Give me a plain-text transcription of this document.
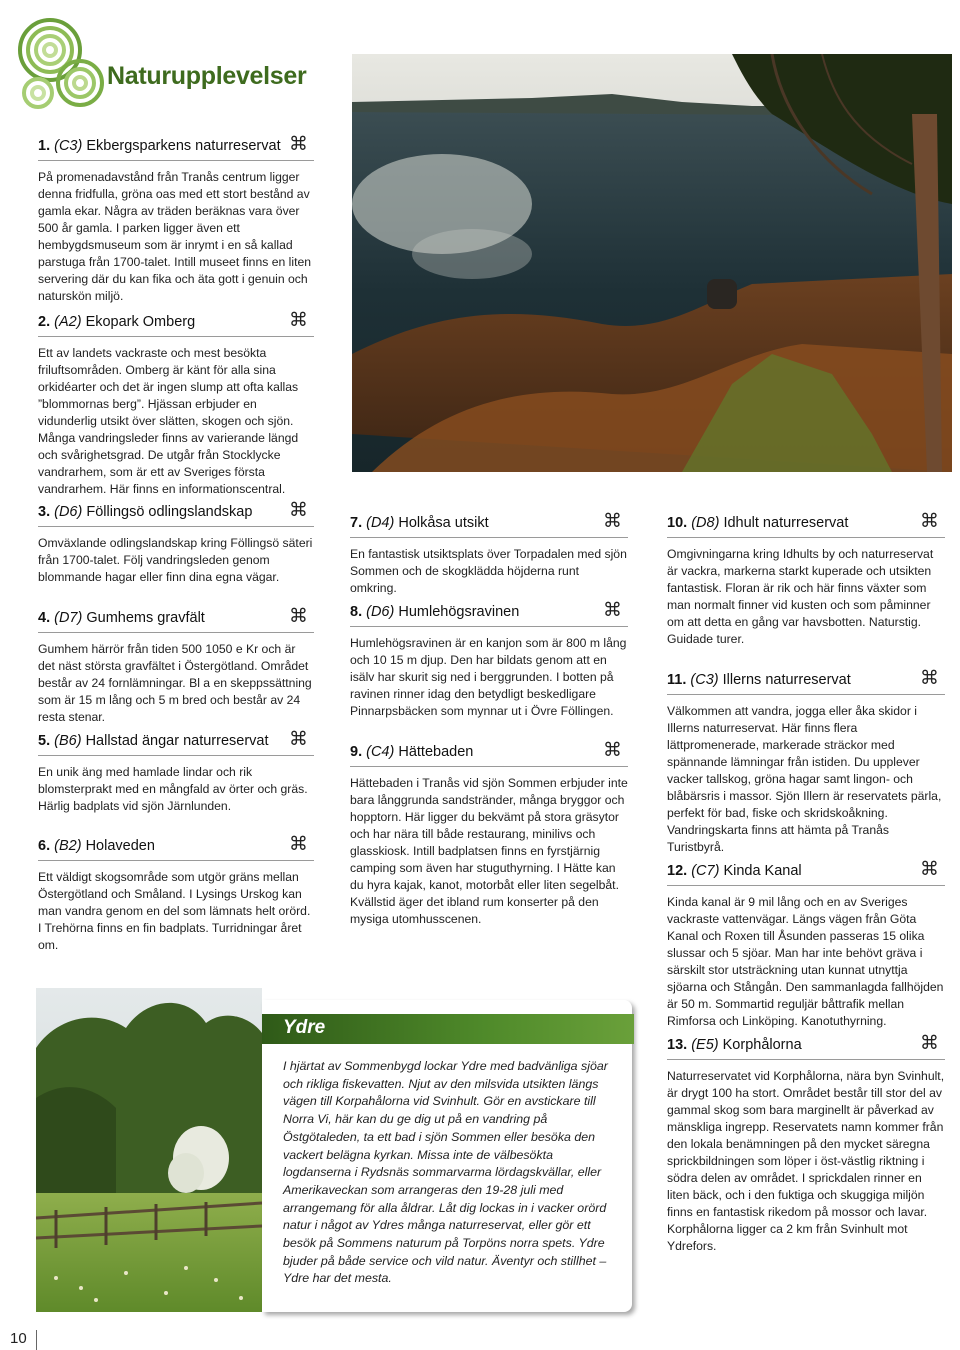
Naturupplevelser
1. (C3) Ekbergsparkens naturreservat ⌘
På promenadavstånd från Tranås centrum ligger denna fridfulla, gröna oas med ett stort bestånd av gamla ekar. Några av träden beräknas vara över 500 år gamla. I parken ligger även ett hembygdsmuseum som är inrymt i en så kallad parstuga från 1700-talet. Intill museet finns en liten servering där du kan fika och äta gott i genuin och naturskön miljö.
2. (A2) Ekopark Omberg	⌘
Ett av landets vackraste och mest besökta friluftsområden. Omberg är känt för alla sina orkidéarter och det är ingen slump att ofta kallas ”blommornas berg”. Hjässan erbjuder en vidunderlig utsikt över slätten, skogen och sjön. Många vandringsleder finns av varierande längd och svårighetsgrad. De utgår från Stocklycke vandrarhem, som är ett av Sveriges första vandrarhem. Här finns en informationscentral.
3. (D6) Föllingsö odlingslandskap ⌘
Omväxlande odlingslandskap kring Föllingsö säteri från 1700-talet. Följ vandringsleden genom blommande hagar eller finn dina egna vägar.
4. (D7) Gumhems gravfält	⌘
Gumhem härrör från tiden 500 1050 e Kr och är det näst största gravfältet i Östergötland. Området består av 24 fornlämningar. Bl a en skeppssättning som är 15 m lång och 5 m bred och består av 24 resta stenar.
5. (B6) Hallstad ängar naturreservat ⌘
En unik äng med hamlade lindar och rik blomsterprakt med en mångfald av örter och gräs. Härlig badplats vid sjön Järnlunden.
6. (B2) Holaveden	⌘
Ett väldigt skogsområde som utgör gräns mellan Östergötland och Småland. I Lysings Urskog kan man vandra genom en del som lämnats helt orörd. I Trehörna finns en fin badplats. Turridningar året om.
7. (D4) Holkåsa utsikt	⌘
En fantastisk utsiktsplats över Torpadalen med sjön Sommen och de skogklädda höjderna runt omkring.
8. (D6) Humlehögsravinen	⌘
Humlehögsravinen är en kanjon som är 800 m lång och 10 15 m djup. Den har bildats genom att en isälv har skurit sig ned i berggrunden. I botten på ravinen rinner idag den betydligt beskedligare Pinnarpsbäcken som mynnar ut i Övre Föllingen.
9. (C4) Hättebaden	⌘
Hättebaden i Tranås vid sjön Sommen erbjuder inte bara långgrunda sandstränder, många bryggor och hopptorn. Här ligger du bekvämt på stora gräsytor och har nära till både restaurang, minilivs och glasskiosk. Intill badplatsen finns en fyrstjärnig camping som även har stuguthyrning. I Hätte kan du hyra kajak, kanot, motorbåt eller liten segelbåt. Kvällstid äger det ibland rum konserter på den mysiga utomhusscenen.
10. (D8) Idhult naturreservat	⌘
Omgivningarna kring Idhults by och naturreservat är vackra, markerna starkt kuperade och utsikten fantastisk. Floran är rik och här finns växter som man normalt finner vid kusten och som påminner om att detta en gång var havsbotten. Naturstig. Guidade turer.
11. (C3) Illerns naturreservat	⌘
Välkommen att vandra, jogga eller åka skidor i Illerns naturreservat. Här finns flera lättpromenerade, markerade sträckor med spännande lämningar från istiden. Du upplever vacker tallskog, gröna hagar samt lingon- och blåbärsris i massor. Sjön Illern är reservatets pärla, perfekt för bad, fiske och skridskoåkning. Vandringskarta finns att hämta på Tranås Turistbyrå.
12. (C7) Kinda Kanal	⌘
Kinda kanal är 9 mil lång och en av Sveriges vackraste vattenvägar. Längs vägen från Göta Kanal och Roxen till Åsunden passeras 15 olika slussar och 5 sjöar. Man har inte behövt gräva i särskilt stor utsträckning utan kunnat utnyttja sjöarna och Stångån. Den sammanlagda fallhöjden är 50 m. Sommartid reguljär båttrafik mellan Rimforsa och Linköping. Kanotuthyrning.
13. (E5) Korphålorna	⌘
Naturreservatet vid Korphålorna, nära byn Svinhult, är drygt 100 ha stort. Området består till stor del av gammal skog som bara marginellt är påverkad av mänskliga ingrepp. Reservatets namn kommer från den lokala benämningen på den mycket säregna sprickbildningen som löper i öst-västlig riktning i södra delen av området. I sprickdalen rinner en liten bäck, och i den fuktiga och skuggiga miljön finns en fantastisk rikedom på mossor och lavar. Korphålorna ligger ca 2 km från Svinhult mot Ydrefors.
Ydre
I hjärtat av Sommenbygd lockar Ydre med badvänliga sjöar och rikliga fiskevatten. Njut av den milsvida utsikten längs vägen till Korpahålorna vid Svinhult. Gör en avstickare till Norra Vi, här kan du ge dig ut på en vandring på Östgötaleden, ta ett bad i sjön Sommen eller besöka den vackert belägna kyrkan. Missa inte de välbesökta logdanserna i Rydsnäs sommarvarma lördagskvällar, eller Amerikaveckan som arrangeras den 19-28 juli med arrangemang för alla åldrar. Låt dig lockas in i vacker orörd natur i något av Ydres många naturreservat, eller gör ett besök på Sommens naturum på Torpöns norra spets. Ydre bjuder på både service och vild natur. Äventyr och stillhet – Ydre har det mesta.
10
